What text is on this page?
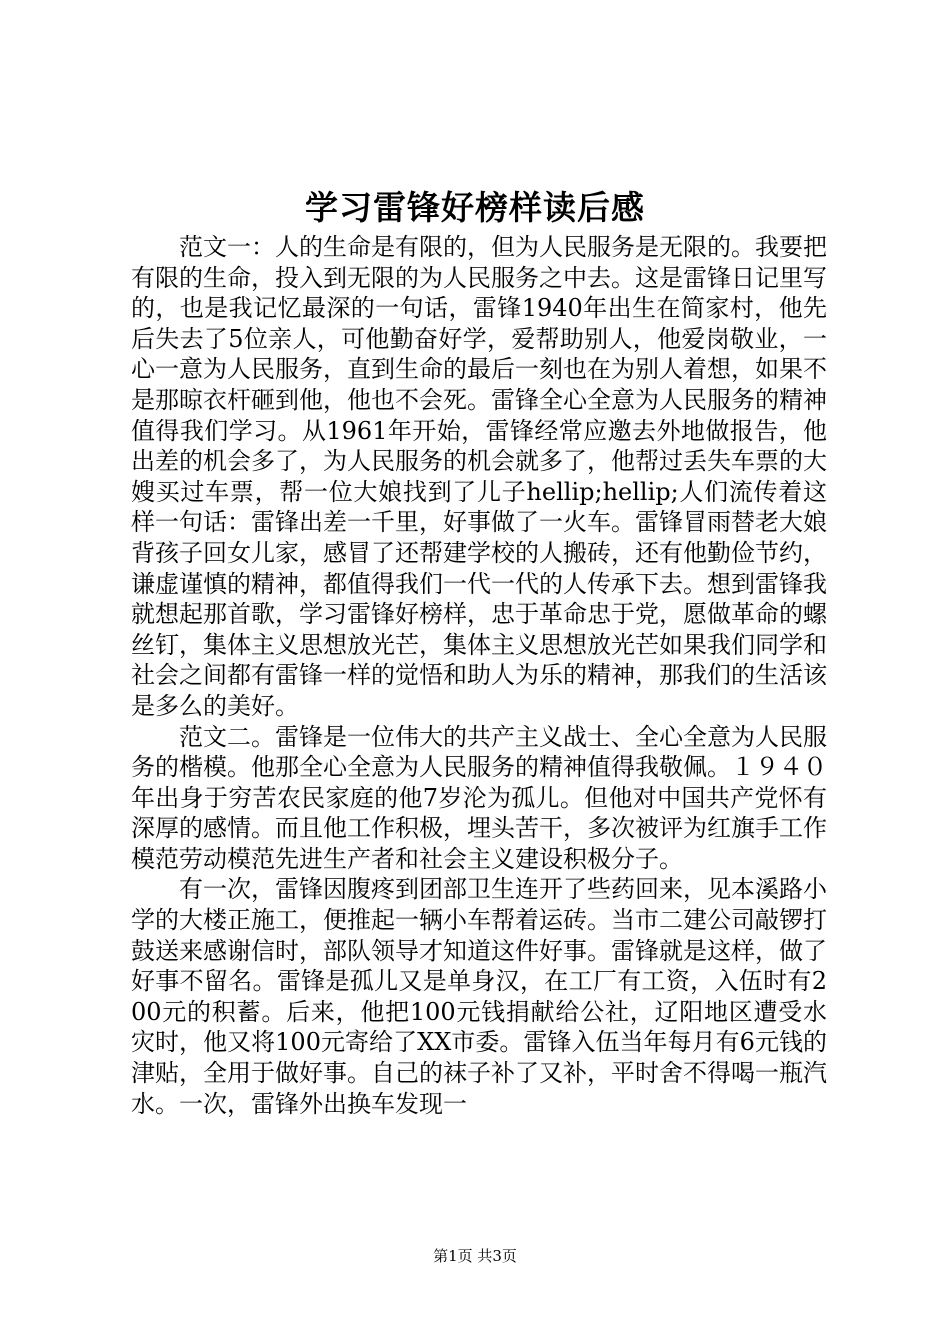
学习雷锋好榜样读后感

范文一：人的生命是有限的，但为人民服务是无限的。我要把有限的生命，投入到无限的为人民服务之中去。这是雷锋日记里写的，也是我记忆最深的一句话，雷锋1940年出生在简家村，他先后失去了5位亲人，可他勤奋好学，爱帮助别人，他爱岗敬业，一心一意为人民服务，直到生命的最后一刻也在为别人着想，如果不是那晾衣杆砸到他，他也不会死。雷锋全心全意为人民服务的精神值得我们学习。从1961年开始，雷锋经常应邀去外地做报告，他出差的机会多了，为人民服务的机会就多了，他帮过丢失车票的大嫂买过车票，帮一位大娘找到了儿子hellip;hellip;人们流传着这样一句话：雷锋出差一千里，好事做了一火车。雷锋冒雨替老大娘背孩子回女儿家，感冒了还帮建学校的人搬砖，还有他勤俭节约，谦虚谨慎的精神，都值得我们一代一代的人传承下去。想到雷锋我就想起那首歌，学习雷锋好榜样，忠于革命忠于党，愿做革命的螺丝钉，集体主义思想放光芒，集体主义思想放光芒如果我们同学和社会之间都有雷锋一样的觉悟和助人为乐的精神，那我们的生活该是多么的美好。

范文二。雷锋是一位伟大的共产主义战士、全心全意为人民服务的楷模。他那全心全意为人民服务的精神值得我敬佩。１９４０年出身于穷苦农民家庭的他7岁沦为孤儿。但他对中国共产党怀有深厚的感情。而且他工作积极，埋头苦干，多次被评为红旗手工作模范劳动模范先进生产者和社会主义建设积极分子。

有一次，雷锋因腹疼到团部卫生连开了些药回来，见本溪路小学的大楼正施工，便推起一辆小车帮着运砖。当市二建公司敲锣打鼓送来感谢信时，部队领导才知道这件好事。雷锋就是这样，做了好事不留名。雷锋是孤儿又是单身汉，在工厂有工资，入伍时有200元的积蓄。后来，他把100元钱捐献给公社，辽阳地区遭受水灾时，他又将100元寄给了XX市委。雷锋入伍当年每月有6元钱的津贴，全用于做好事。自己的袜子补了又补，平时舍不得喝一瓶汽水。一次，雷锋外出换车发现一

第1页 共3页
